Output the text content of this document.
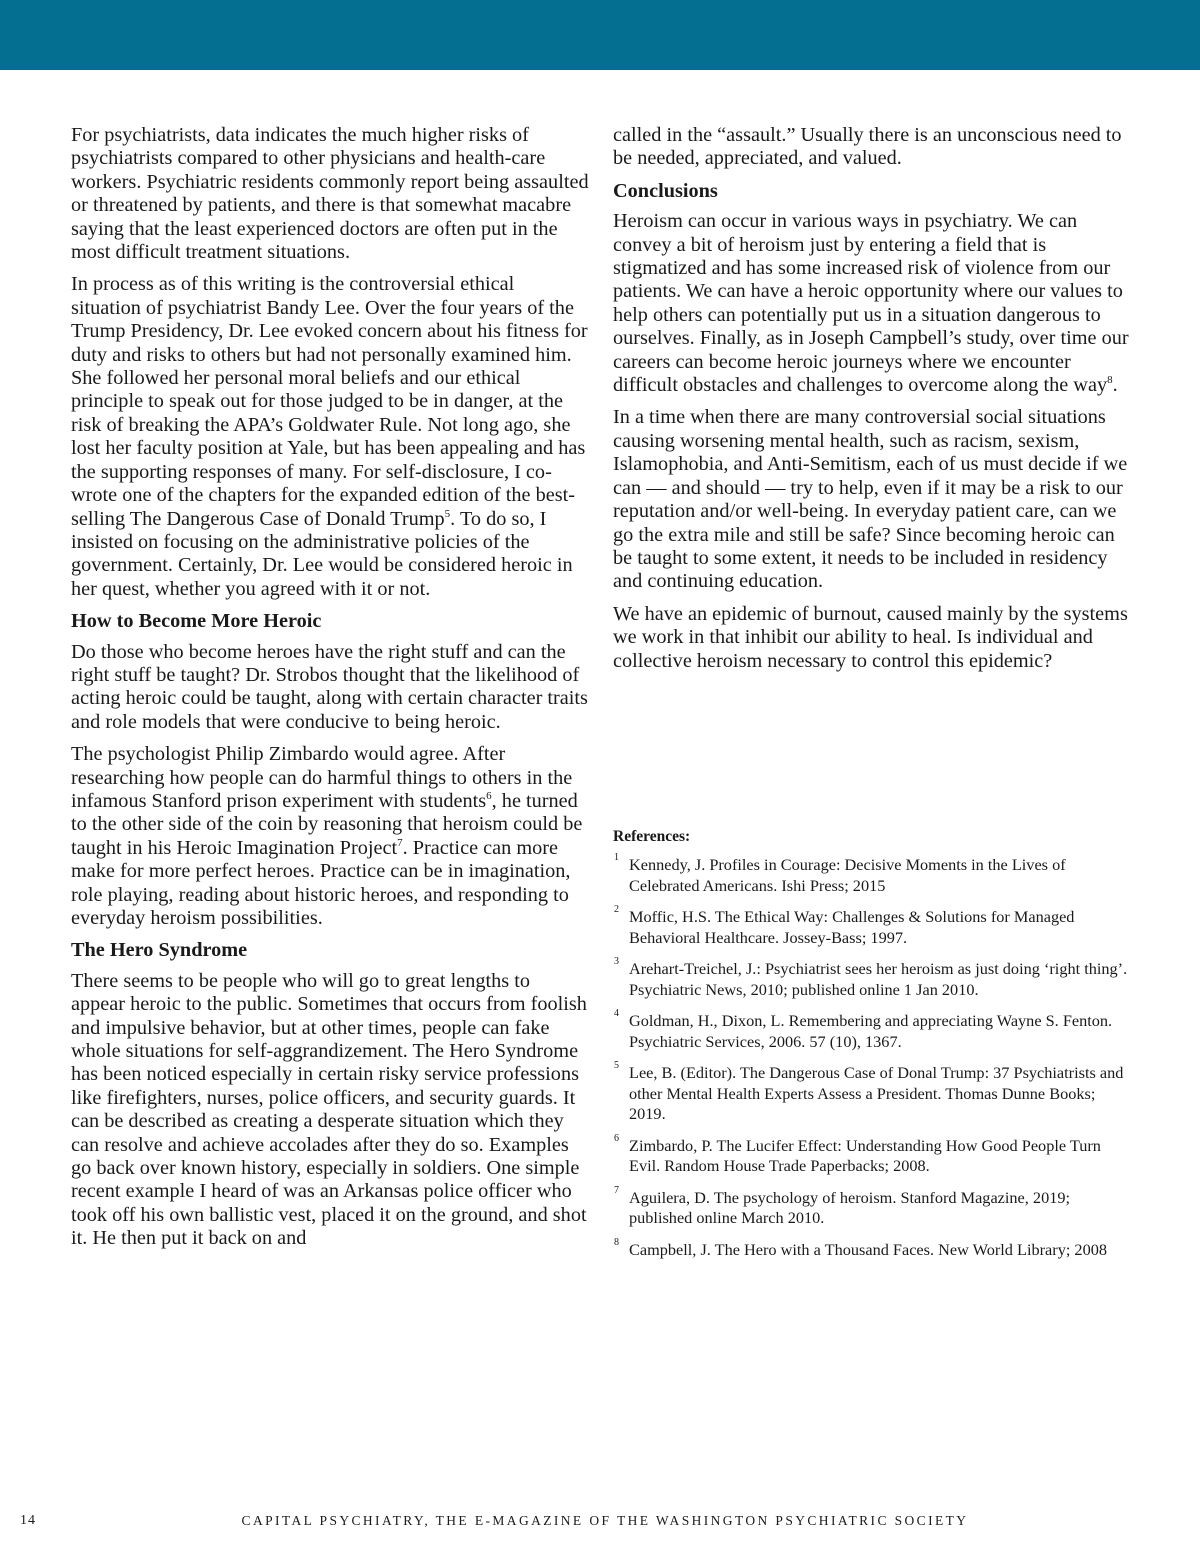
For psychiatrists, data indicates the much higher risks of psychiatrists compared to other physicians and health-care workers. Psychiatric residents commonly report being assaulted or threatened by patients, and there is that somewhat macabre saying that the least experienced doctors are often put in the most difficult treatment situations.

In process as of this writing is the controversial ethical situation of psychiatrist Bandy Lee. Over the four years of the Trump Presidency, Dr. Lee evoked concern about his fitness for duty and risks to others but had not personally examined him. She followed her personal moral beliefs and our ethical principle to speak out for those judged to be in danger, at the risk of breaking the APA’s Goldwater Rule. Not long ago, she lost her faculty position at Yale, but has been appealing and has the supporting responses of many. For self-disclosure, I co-wrote one of the chapters for the expanded edition of the best-selling The Dangerous Case of Donald Trump$^5$. To do so, I insisted on focusing on the administrative policies of the government. Certainly, Dr. Lee would be considered heroic in her quest, whether you agreed with it or not.

How to Become More Heroic

Do those who become heroes have the right stuff and can the right stuff be taught? Dr. Strobos thought that the likelihood of acting heroic could be taught, along with certain character traits and role models that were conducive to being heroic.

The psychologist Philip Zimbardo would agree. After researching how people can do harmful things to others in the infamous Stanford prison experiment with students$^6$, he turned to the other side of the coin by reasoning that heroism could be taught in his Heroic Imagination Project$^7$. Practice can more make for more perfect heroes. Practice can be in imagination, role playing, reading about historic heroes, and responding to everyday heroism possibilities.

The Hero Syndrome

There seems to be people who will go to great lengths to appear heroic to the public. Sometimes that occurs from foolish and impulsive behavior, but at other times, people can fake whole situations for self-aggrandizement. The Hero Syndrome has been noticed especially in certain risky service professions like firefighters, nurses, police officers, and security guards. It can be described as creating a desperate situation which they can resolve and achieve accolades after they do so. Examples go back over known history, especially in soldiers. One simple recent example I heard of was an Arkansas police officer who took off his own ballistic vest, placed it on the ground, and shot it. He then put it back on and

called in the “assault.” Usually there is an unconscious need to be needed, appreciated, and valued.

Conclusions

Heroism can occur in various ways in psychiatry. We can convey a bit of heroism just by entering a field that is stigmatized and has some increased risk of violence from our patients. We can have a heroic opportunity where our values to help others can potentially put us in a situation dangerous to ourselves. Finally, as in Joseph Campbell’s study, over time our careers can become heroic journeys where we encounter difficult obstacles and challenges to overcome along the way$^8$.

In a time when there are many controversial social situations causing worsening mental health, such as racism, sexism, Islamophobia, and Anti-Semitism, each of us must decide if we can — and should — try to help, even if it may be a risk to our reputation and/or well-being. In everyday patient care, can we go the extra mile and still be safe? Since becoming heroic can be taught to some extent, it needs to be included in residency and continuing education.

We have an epidemic of burnout, caused mainly by the systems we work in that inhibit our ability to heal. Is individual and collective heroism necessary to control this epidemic?

References:
1 Kennedy, J. Profiles in Courage: Decisive Moments in the Lives of Celebrated Americans. Ishi Press; 2015
2 Moffic, H.S. The Ethical Way: Challenges & Solutions for Managed Behavioral Healthcare. Jossey-Bass; 1997.
3 Arehart-Treichel, J.: Psychiatrist sees her heroism as just doing ‘right thing’. Psychiatric News, 2010; published online 1 Jan 2010.
4 Goldman, H., Dixon, L. Remembering and appreciating Wayne S. Fenton. Psychiatric Services, 2006. 57 (10), 1367.
5 Lee, B. (Editor). The Dangerous Case of Donal Trump: 37 Psychiatrists and other Mental Health Experts Assess a President. Thomas Dunne Books; 2019.
6 Zimbardo, P. The Lucifer Effect: Understanding How Good People Turn Evil. Random House Trade Paperbacks; 2008.
7 Aguilera, D. The psychology of heroism. Stanford Magazine, 2019; published online March 2010.
8 Campbell, J. The Hero with a Thousand Faces. New World Library; 2008
14	CAPITAL PSYCHIATRY, THE E-MAGAZINE OF THE WASHINGTON PSYCHIATRIC SOCIETY
